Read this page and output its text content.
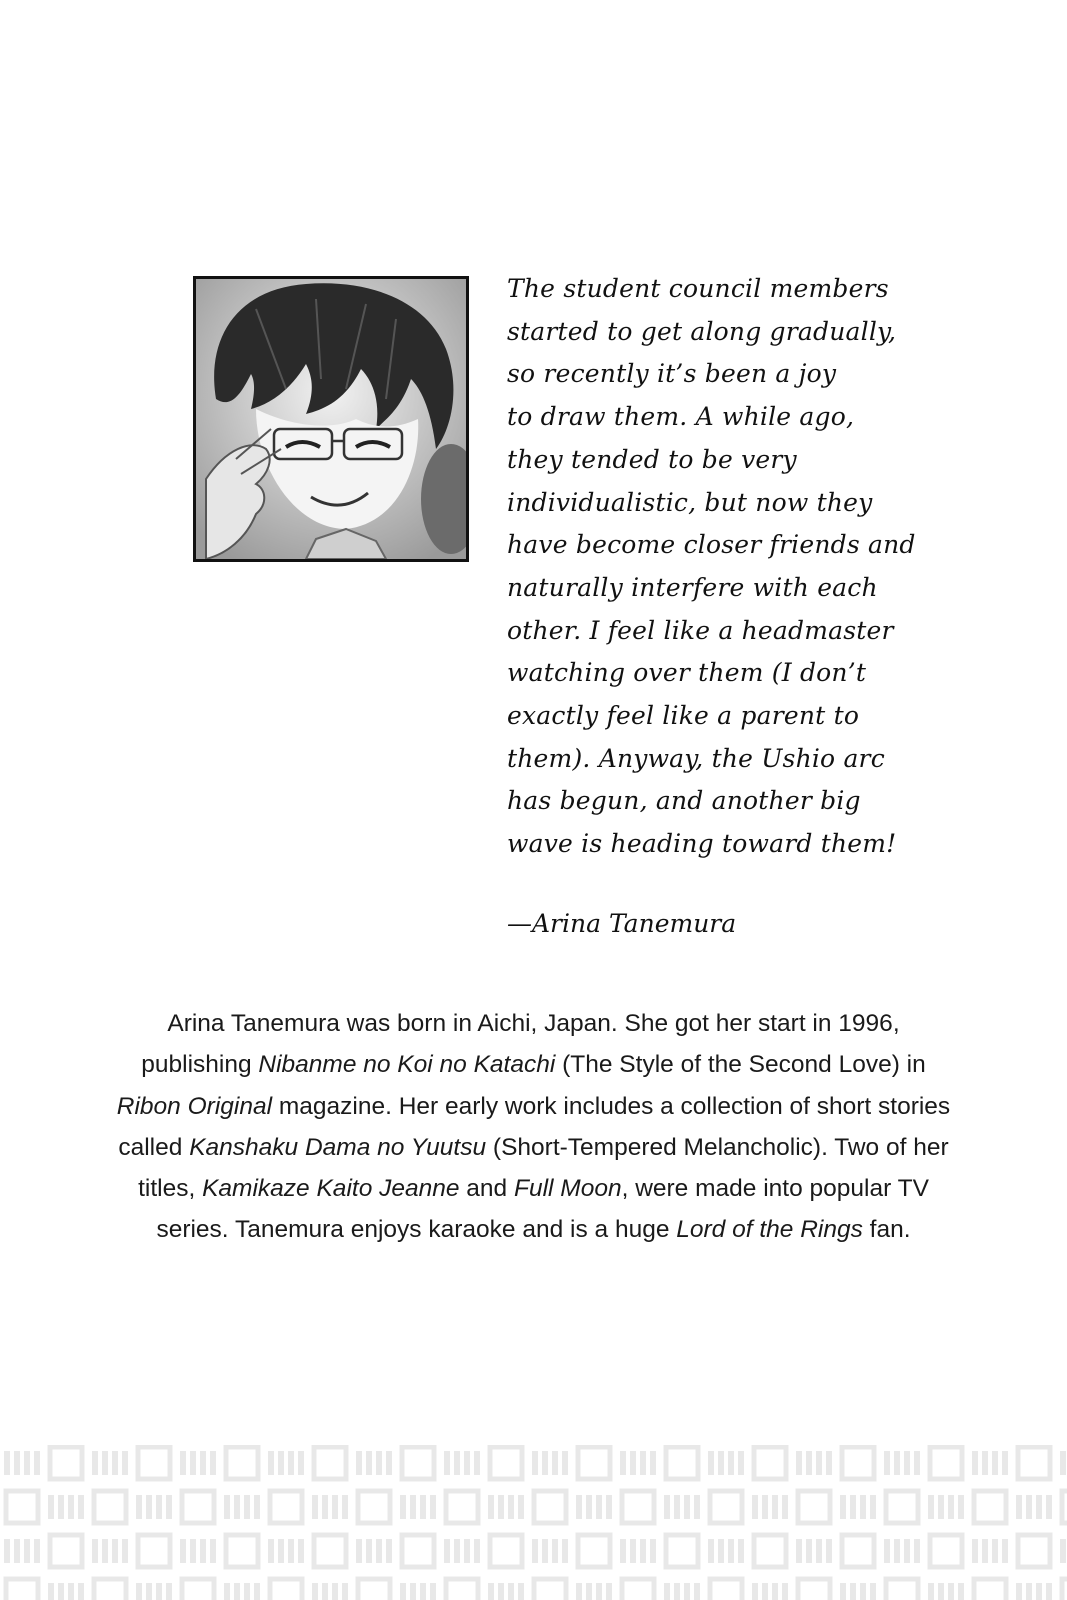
The student council members
started to get along gradually,
so recently it’s been a joy
to draw them. A while ago,
they tended to be very
individualistic, but now they
have become closer friends and
naturally interfere with each
other. I feel like a headmaster
watching over them (I don’t
exactly feel like a parent to
them). Anyway, the Ushio arc
has begun, and another big
wave is heading toward them!
—Arina Tanemura
Arina Tanemura was born in Aichi, Japan. She got her start in 1996,
publishing Nibanme no Koi no Katachi (The Style of the Second Love) in
Ribon Original magazine. Her early work includes a collection of short stories
called Kanshaku Dama no Yuutsu (Short-Tempered Melancholic). Two of her
titles, Kamikaze Kaito Jeanne and Full Moon, were made into popular TV
series. Tanemura enjoys karaoke and is a huge Lord of the Rings fan.
